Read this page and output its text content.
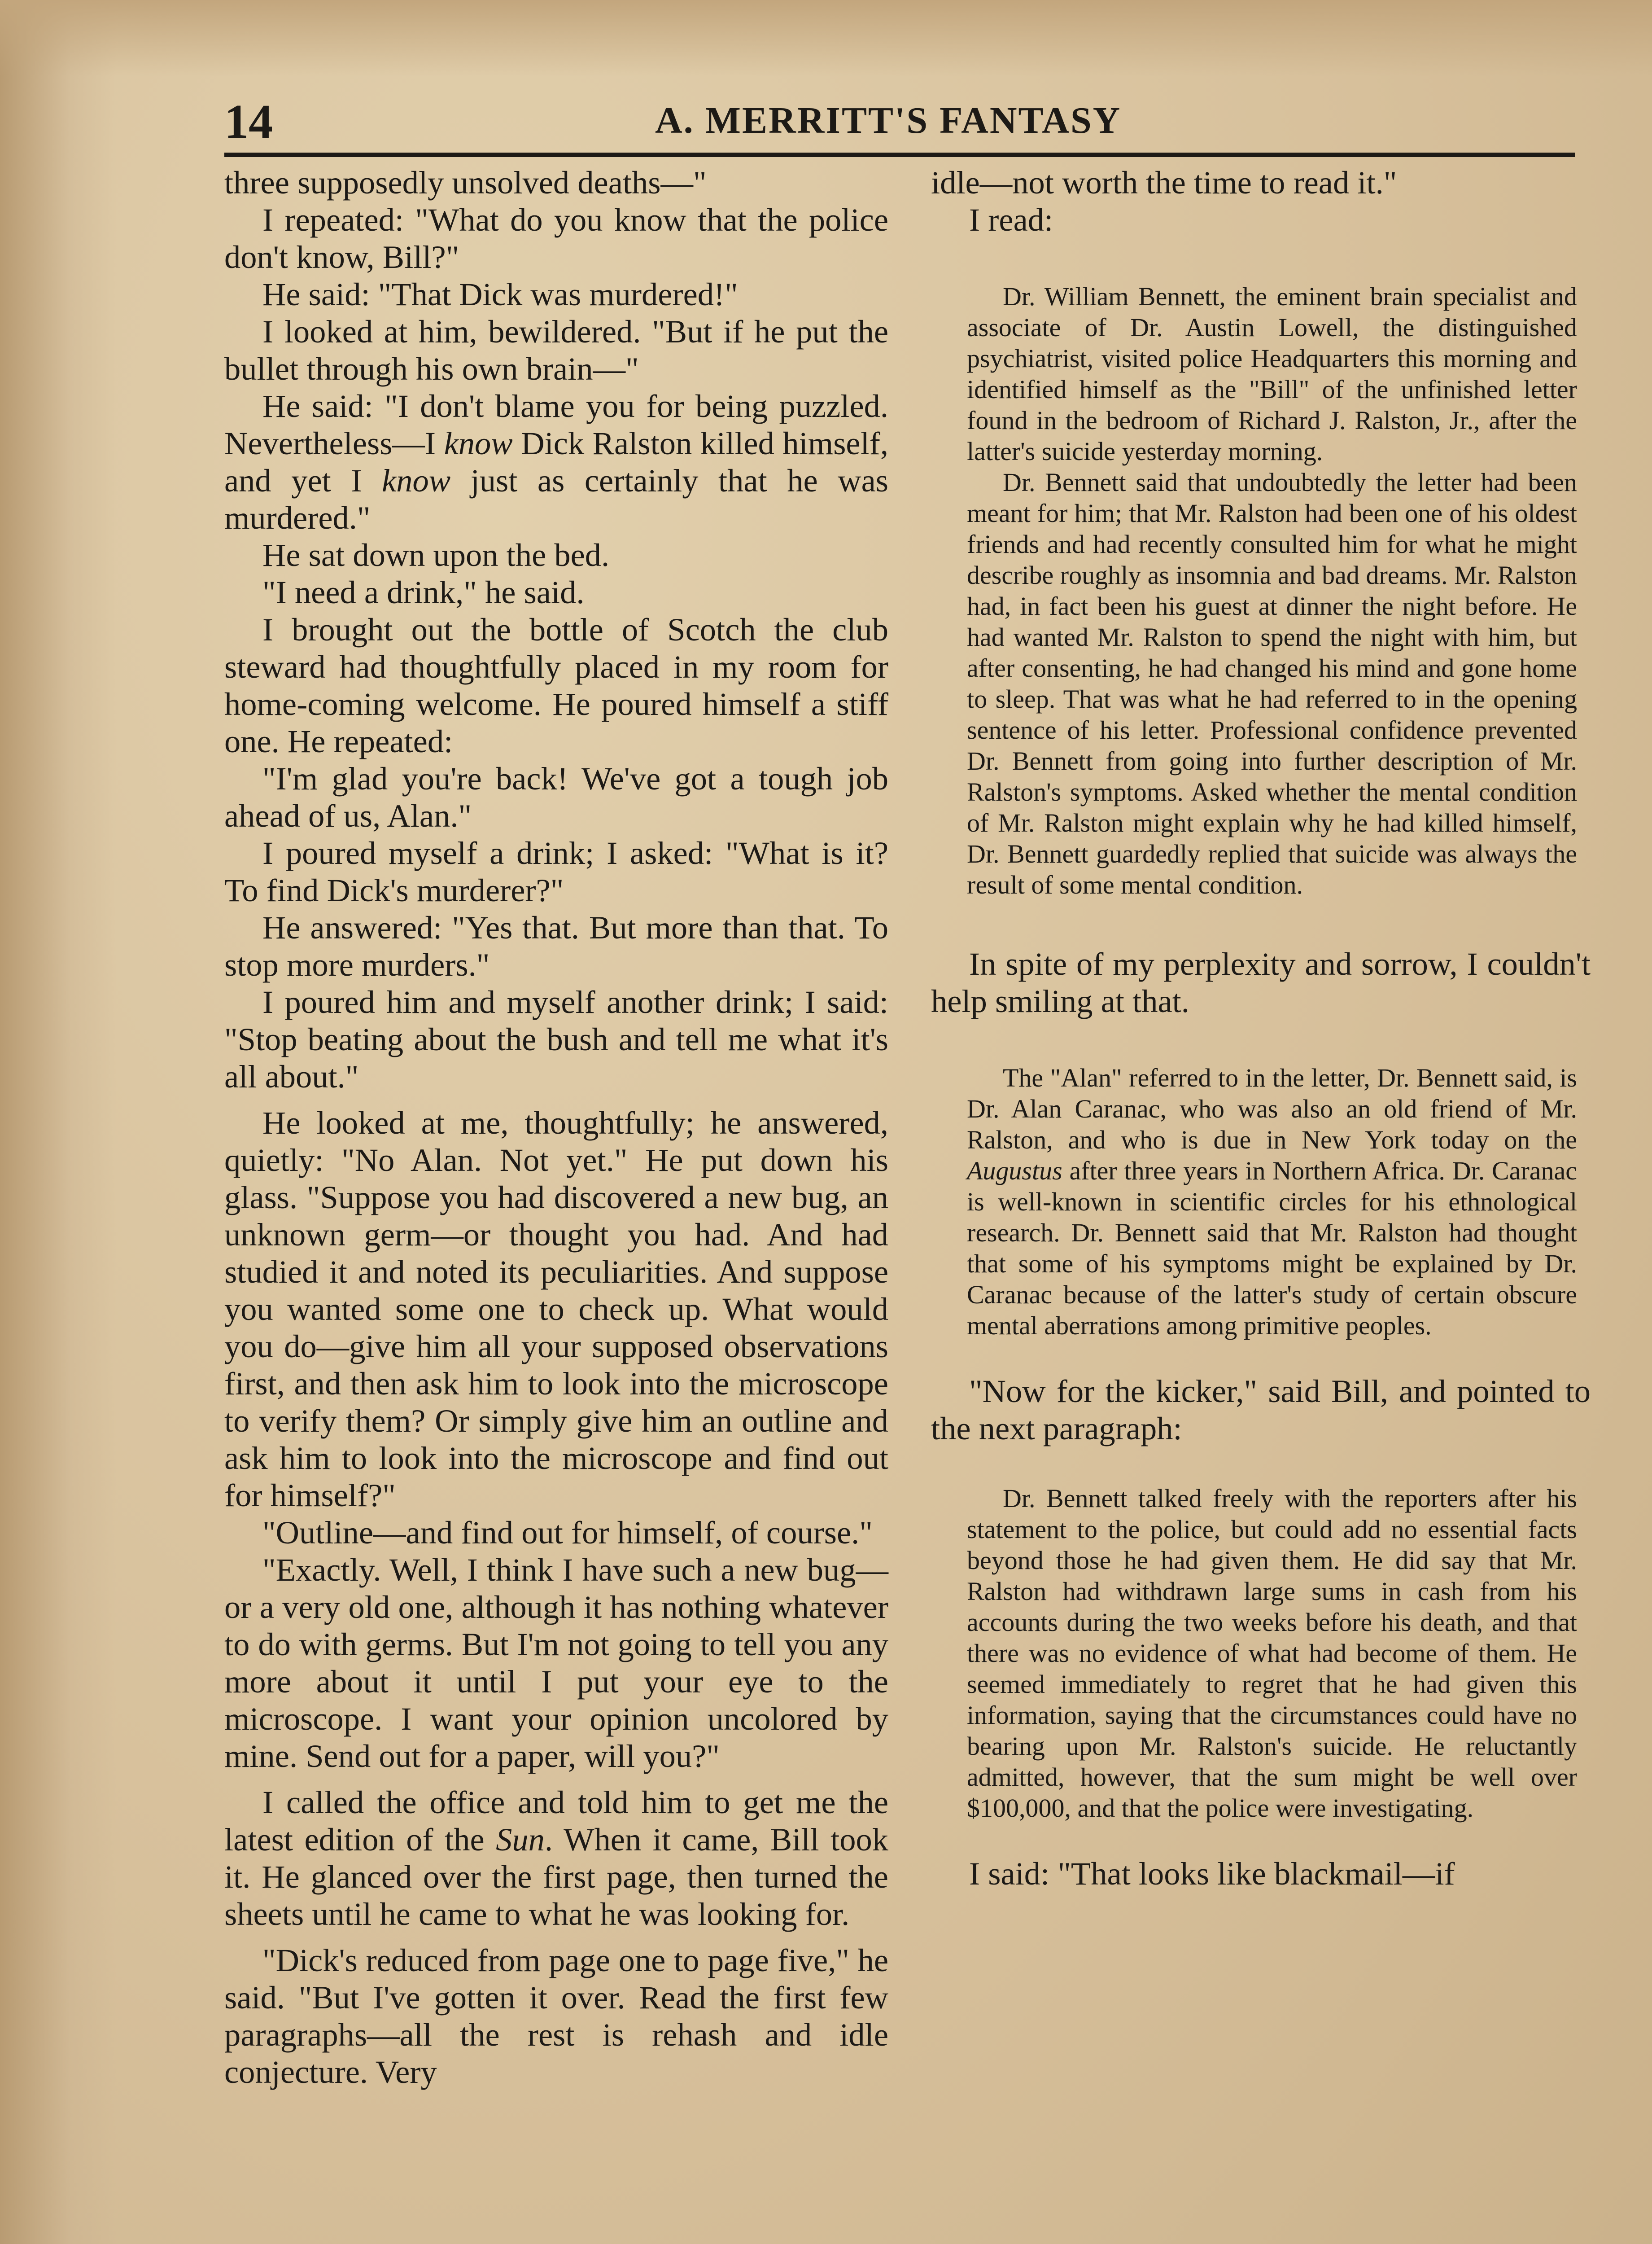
14	A. MERRITT'S FANTASY

three supposedly unsolved deaths—"

I repeated: "What do you know that the police don't know, Bill?"

He said: "That Dick was murdered!"

I looked at him, bewildered. "But if he put the bullet through his own brain—"

He said: "I don't blame you for being puzzled. Nevertheless—I know Dick Ralston killed himself, and yet I know just as certainly that he was murdered."

He sat down upon the bed.

"I need a drink," he said.

I brought out the bottle of Scotch the club steward had thoughtfully placed in my room for home-coming welcome. He poured himself a stiff one. He repeated:

"I'm glad you're back! We've got a tough job ahead of us, Alan."

I poured myself a drink; I asked: "What is it? To find Dick's murderer?"

He answered: "Yes that. But more than that. To stop more murders."

I poured him and myself another drink; I said: "Stop beating about the bush and tell me what it's all about."

He looked at me, thoughtfully; he answered, quietly: "No Alan. Not yet." He put down his glass. "Suppose you had discovered a new bug, an unknown germ—or thought you had. And had studied it and noted its peculiarities. And suppose you wanted some one to check up. What would you do—give him all your supposed observations first, and then ask him to look into the microscope to verify them? Or simply give him an outline and ask him to look into the microscope and find out for himself?"

"Outline—and find out for himself, of course."

"Exactly. Well, I think I have such a new bug—or a very old one, although it has nothing whatever to do with germs. But I'm not going to tell you any more about it until I put your eye to the microscope. I want your opinion uncolored by mine. Send out for a paper, will you?"

I called the office and told him to get me the latest edition of the Sun. When it came, Bill took it. He glanced over the first page, then turned the sheets until he came to what he was looking for.

"Dick's reduced from page one to page five," he said. "But I've gotten it over. Read the first few paragraphs—all the rest is rehash and idle conjecture. Very

idle—not worth the time to read it."

I read:

Dr. William Bennett, the eminent brain specialist and associate of Dr. Austin Lowell, the distinguished psychiatrist, visited police Headquarters this morning and identified himself as the "Bill" of the unfinished letter found in the bedroom of Richard J. Ralston, Jr., after the latter's suicide yesterday morning.

Dr. Bennett said that undoubtedly the letter had been meant for him; that Mr. Ralston had been one of his oldest friends and had recently consulted him for what he might describe roughly as insomnia and bad dreams. Mr. Ralston had, in fact been his guest at dinner the night before. He had wanted Mr. Ralston to spend the night with him, but after consenting, he had changed his mind and gone home to sleep. That was what he had referred to in the opening sentence of his letter. Professional confidence prevented Dr. Bennett from going into further description of Mr. Ralston's symptoms. Asked whether the mental condition of Mr. Ralston might explain why he had killed himself, Dr. Bennett guardedly replied that suicide was always the result of some mental condition.

In spite of my perplexity and sorrow, I couldn't help smiling at that.

The "Alan" referred to in the letter, Dr. Bennett said, is Dr. Alan Caranac, who was also an old friend of Mr. Ralston, and who is due in New York today on the Augustus after three years in Northern Africa. Dr. Caranac is well-known in scientific circles for his ethnological research. Dr. Bennett said that Mr. Ralston had thought that some of his symptoms might be explained by Dr. Caranac because of the latter's study of certain obscure mental aberrations among primitive peoples.

"Now for the kicker," said Bill, and pointed to the next paragraph:

Dr. Bennett talked freely with the reporters after his statement to the police, but could add no essential facts beyond those he had given them. He did say that Mr. Ralston had withdrawn large sums in cash from his accounts during the two weeks before his death, and that there was no evidence of what had become of them. He seemed immediately to regret that he had given this information, saying that the circumstances could have no bearing upon Mr. Ralston's suicide. He reluctantly admitted, however, that the sum might be well over $100,000, and that the police were investigating.

I said: "That looks like blackmail—if
